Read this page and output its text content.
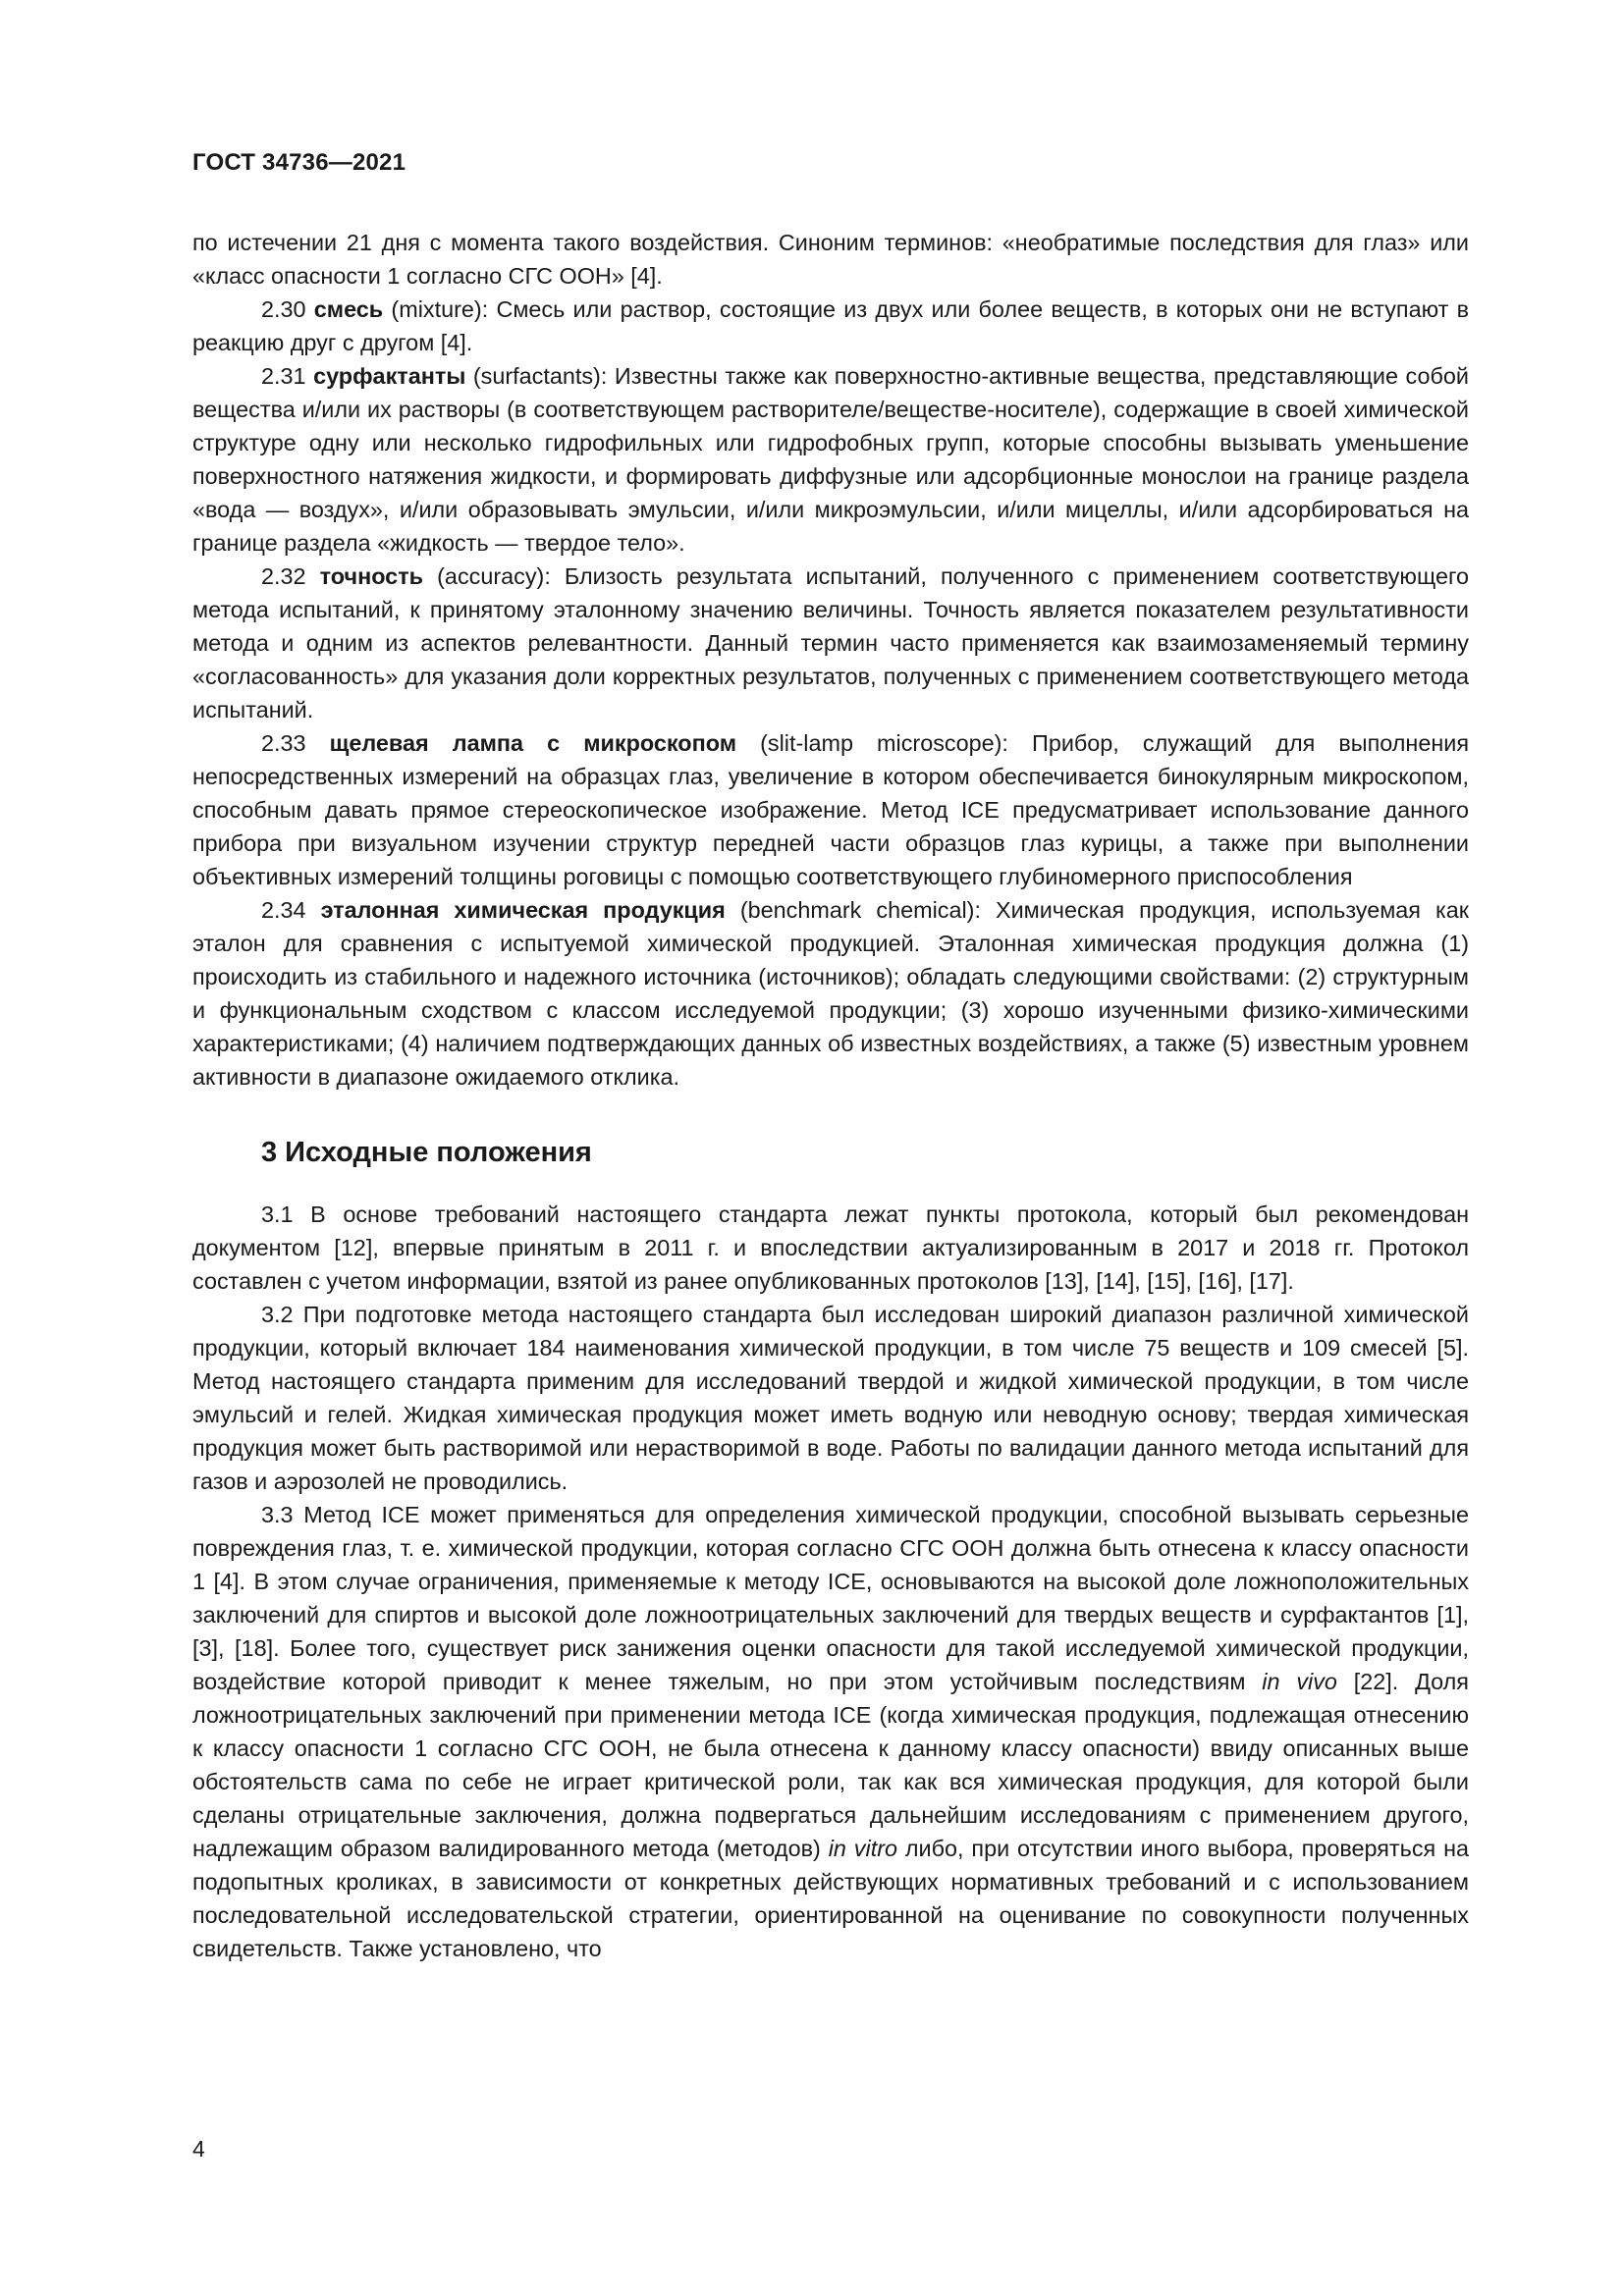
ГОСТ 34736—2021

по истечении 21 дня с момента такого воздействия. Синоним терминов: «необратимые последствия для глаз» или «класс опасности 1 согласно СГС ООН» [4].

2.30 смесь (mixture): Смесь или раствор, состоящие из двух или более веществ, в которых они не вступают в реакцию друг с другом [4].

2.31 сурфактанты (surfactants): Известны также как поверхностно-активные вещества, представляющие собой вещества и/или их растворы (в соответствующем растворителе/веществе-носителе), содержащие в своей химической структуре одну или несколько гидрофильных или гидрофобных групп, которые способны вызывать уменьшение поверхностного натяжения жидкости, и формировать диффузные или адсорбционные монослои на границе раздела «вода — воздух», и/или образовывать эмульсии, и/или микроэмульсии, и/или мицеллы, и/или адсорбироваться на границе раздела «жидкость — твердое тело».

2.32 точность (accuracy): Близость результата испытаний, полученного с применением соответствующего метода испытаний, к принятому эталонному значению величины. Точность является показателем результативности метода и одним из аспектов релевантности. Данный термин часто применяется как взаимозаменяемый термину «согласованность» для указания доли корректных результатов, полученных с применением соответствующего метода испытаний.

2.33 щелевая лампа с микроскопом (slit-lamp microscope): Прибор, служащий для выполнения непосредственных измерений на образцах глаз, увеличение в котором обеспечивается бинокулярным микроскопом, способным давать прямое стереоскопическое изображение. Метод ICE предусматривает использование данного прибора при визуальном изучении структур передней части образцов глаз курицы, а также при выполнении объективных измерений толщины роговицы с помощью соответствующего глубиномерного приспособления

2.34 эталонная химическая продукция (benchmark chemical): Химическая продукция, используемая как эталон для сравнения с испытуемой химической продукцией. Эталонная химическая продукция должна (1) происходить из стабильного и надежного источника (источников); обладать следующими свойствами: (2) структурным и функциональным сходством с классом исследуемой продукции; (3) хорошо изученными физико-химическими характеристиками; (4) наличием подтверждающих данных об известных воздействиях, а также (5) известным уровнем активности в диапазоне ожидаемого отклика.

3 Исходные положения

3.1 В основе требований настоящего стандарта лежат пункты протокола, который был рекомендован документом [12], впервые принятым в 2011 г. и впоследствии актуализированным в 2017 и 2018 гг. Протокол составлен с учетом информации, взятой из ранее опубликованных протоколов [13], [14], [15], [16], [17].

3.2 При подготовке метода настоящего стандарта был исследован широкий диапазон различной химической продукции, который включает 184 наименования химической продукции, в том числе 75 веществ и 109 смесей [5]. Метод настоящего стандарта применим для исследований твердой и жидкой химической продукции, в том числе эмульсий и гелей. Жидкая химическая продукция может иметь водную или неводную основу; твердая химическая продукция может быть растворимой или нерастворимой в воде. Работы по валидации данного метода испытаний для газов и аэрозолей не проводились.

3.3 Метод ICE может применяться для определения химической продукции, способной вызывать серьезные повреждения глаз, т. е. химической продукции, которая согласно СГС ООН должна быть отнесена к классу опасности 1 [4]. В этом случае ограничения, применяемые к методу ICE, основываются на высокой доле ложноположительных заключений для спиртов и высокой доле ложноотрицательных заключений для твердых веществ и сурфактантов [1], [3], [18]. Более того, существует риск занижения оценки опасности для такой исследуемой химической продукции, воздействие которой приводит к менее тяжелым, но при этом устойчивым последствиям in vivo [22]. Доля ложноотрицательных заключений при применении метода ICE (когда химическая продукция, подлежащая отнесению к классу опасности 1 согласно СГС ООН, не была отнесена к данному классу опасности) ввиду описанных выше обстоятельств сама по себе не играет критической роли, так как вся химическая продукция, для которой были сделаны отрицательные заключения, должна подвергаться дальнейшим исследованиям с применением другого, надлежащим образом валидированного метода (методов) in vitro либо, при отсутствии иного выбора, проверяться на подопытных кроликах, в зависимости от конкретных действующих нормативных требований и с использованием последовательной исследовательской стратегии, ориентированной на оценивание по совокупности полученных свидетельств. Также установлено, что

4
